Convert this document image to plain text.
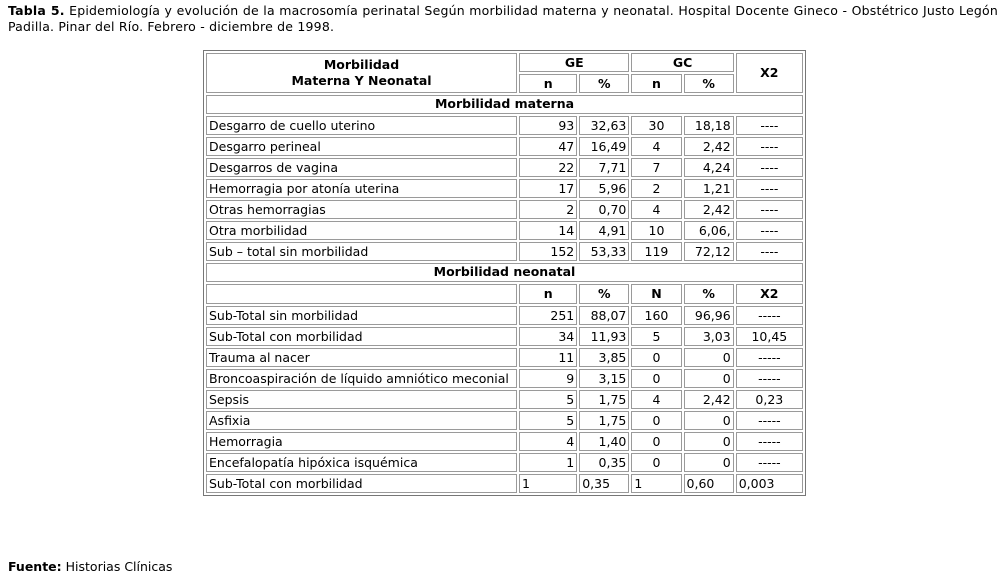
Tabla 5. Epidemiología y evolución de la macrosomía perinatal Según morbilidad materna y neonatal. Hospital Docente Gineco - Obstétrico Justo Legón Padilla. Pinar del Río. Febrero - diciembre de 1998.
Morbilidad
Materna Y Neonatal	GE		GC		X2
	n	%	n	%	
Morbilidad materna					
Desgarro de cuello uterino	93	32,63	30	18,18	----
Desgarro perineal	47	16,49	4	2,42	----
Desgarros de vagina	22	7,71	7	4,24	----
Hemorragia por atonía uterina	17	5,96	2	1,21	----
Otras hemorragias	2	0,70	4	2,42	----
Otra morbilidad	14	4,91	10	6,06,	----
Sub – total sin morbilidad	152	53,33	119	72,12	----
Morbilidad neonatal					
	n	%	N	%	X2
Sub-Total sin morbilidad	251	88,07	160	96,96	-----
Sub-Total con morbilidad	34	11,93	5	3,03	10,45
Trauma al nacer	11	3,85	0	0	-----
Broncoaspiración de líquido amniótico meconial	9	3,15	0	0	-----
Sepsis	5	1,75	4	2,42	0,23
Asfixia	5	1,75	0	0	-----
Hemorragia	4	1,40	0	0	-----
Encefalopatía hipóxica isquémica	1	0,35	0	0	-----
Sub-Total con morbilidad	1	0,35	1	0,60	0,003
Fuente: Historias Clínicas
